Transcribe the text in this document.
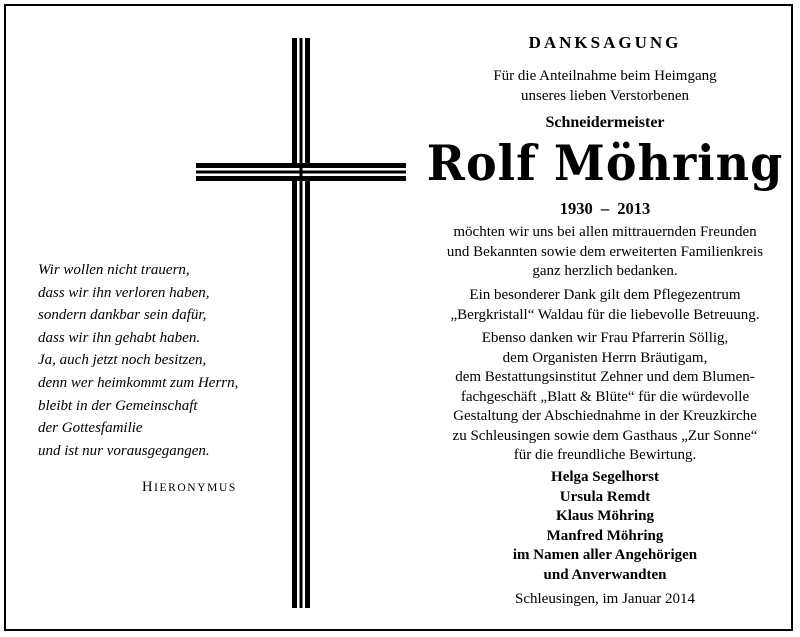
Wir wollen nicht trauern,
dass wir ihn verloren haben,
sondern dankbar sein dafür,
dass wir ihn gehabt haben.
Ja, auch jetzt noch besitzen,
denn wer heimkommt zum Herrn,
bleibt in der Gemeinschaft
der Gottesfamilie
und ist nur vorausgegangen.
HIERONYMUS
DANKSAGUNG
Für die Anteilnahme beim Heimgang
unseres lieben Verstorbenen
Schneidermeister
Rolf Möhring
1930 – 2013
möchten wir uns bei allen mittrauernden Freunden
und Bekannten sowie dem erweiterten Familienkreis
ganz herzlich bedanken.
Ein besonderer Dank gilt dem Pflegezentrum
„Bergkristall“ Waldau für die liebevolle Betreuung.
Ebenso danken wir Frau Pfarrerin Söllig,
dem Organisten Herrn Bräutigam,
dem Bestattungsinstitut Zehner und dem Blumen-
fachgeschäft „Blatt & Blüte“ für die würdevolle
Gestaltung der Abschiednahme in der Kreuzkirche
zu Schleusingen sowie dem Gasthaus „Zur Sonne“
für die freundliche Bewirtung.
Helga Segelhorst
Ursula Remdt
Klaus Möhring
Manfred Möhring
im Namen aller Angehörigen
und Anverwandten
Schleusingen, im Januar 2014
